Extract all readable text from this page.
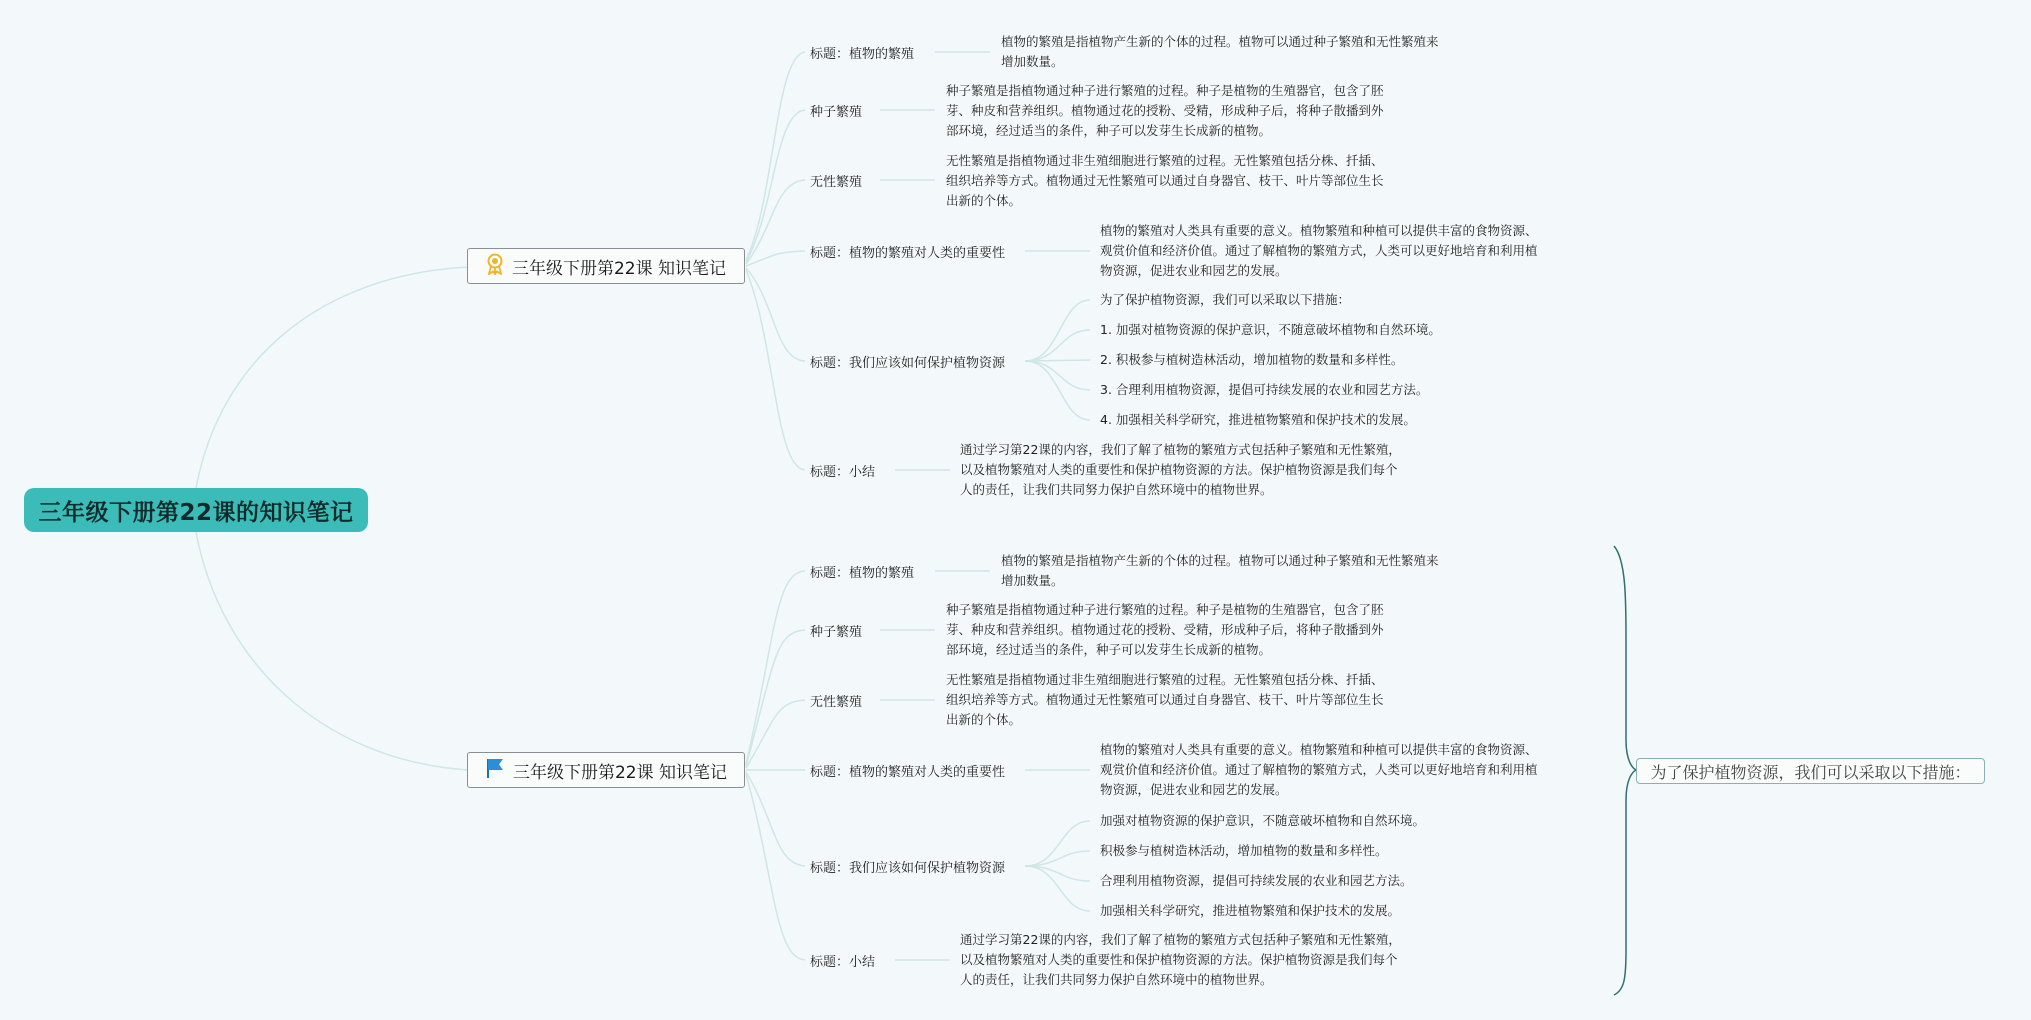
三年级下册第22课的知识笔记
三年级下册第22课 知识笔记
标题：植物的繁殖
植物的繁殖是指植物产生新的个体的过程。植物可以通过种子繁殖和无性繁殖来
增加数量。
种子繁殖
种子繁殖是指植物通过种子进行繁殖的过程。种子是植物的生殖器官，包含了胚
芽、种皮和营养组织。植物通过花的授粉、受精，形成种子后，将种子散播到外
部环境，经过适当的条件，种子可以发芽生长成新的植物。
无性繁殖
无性繁殖是指植物通过非生殖细胞进行繁殖的过程。无性繁殖包括分株、扦插、
组织培养等方式。植物通过无性繁殖可以通过自身器官、枝干、叶片等部位生长
出新的个体。
标题：植物的繁殖对人类的重要性
植物的繁殖对人类具有重要的意义。植物繁殖和种植可以提供丰富的食物资源、
观赏价值和经济价值。通过了解植物的繁殖方式，人类可以更好地培育和利用植
物资源，促进农业和园艺的发展。
标题：我们应该如何保护植物资源
为了保护植物资源，我们可以采取以下措施：
1. 加强对植物资源的保护意识，不随意破坏植物和自然环境。
2. 积极参与植树造林活动，增加植物的数量和多样性。
3. 合理利用植物资源，提倡可持续发展的农业和园艺方法。
4. 加强相关科学研究，推进植物繁殖和保护技术的发展。
标题：小结
通过学习第22课的内容，我们了解了植物的繁殖方式包括种子繁殖和无性繁殖，
以及植物繁殖对人类的重要性和保护植物资源的方法。保护植物资源是我们每个
人的责任，让我们共同努力保护自然环境中的植物世界。
三年级下册第22课 知识笔记
标题：植物的繁殖
植物的繁殖是指植物产生新的个体的过程。植物可以通过种子繁殖和无性繁殖来
增加数量。
种子繁殖
种子繁殖是指植物通过种子进行繁殖的过程。种子是植物的生殖器官，包含了胚
芽、种皮和营养组织。植物通过花的授粉、受精，形成种子后，将种子散播到外
部环境，经过适当的条件，种子可以发芽生长成新的植物。
无性繁殖
无性繁殖是指植物通过非生殖细胞进行繁殖的过程。无性繁殖包括分株、扦插、
组织培养等方式。植物通过无性繁殖可以通过自身器官、枝干、叶片等部位生长
出新的个体。
标题：植物的繁殖对人类的重要性
植物的繁殖对人类具有重要的意义。植物繁殖和种植可以提供丰富的食物资源、
观赏价值和经济价值。通过了解植物的繁殖方式，人类可以更好地培育和利用植
物资源，促进农业和园艺的发展。
标题：我们应该如何保护植物资源
加强对植物资源的保护意识，不随意破坏植物和自然环境。
积极参与植树造林活动，增加植物的数量和多样性。
合理利用植物资源，提倡可持续发展的农业和园艺方法。
加强相关科学研究，推进植物繁殖和保护技术的发展。
标题：小结
通过学习第22课的内容，我们了解了植物的繁殖方式包括种子繁殖和无性繁殖，
以及植物繁殖对人类的重要性和保护植物资源的方法。保护植物资源是我们每个
人的责任，让我们共同努力保护自然环境中的植物世界。
为了保护植物资源，我们可以采取以下措施：
